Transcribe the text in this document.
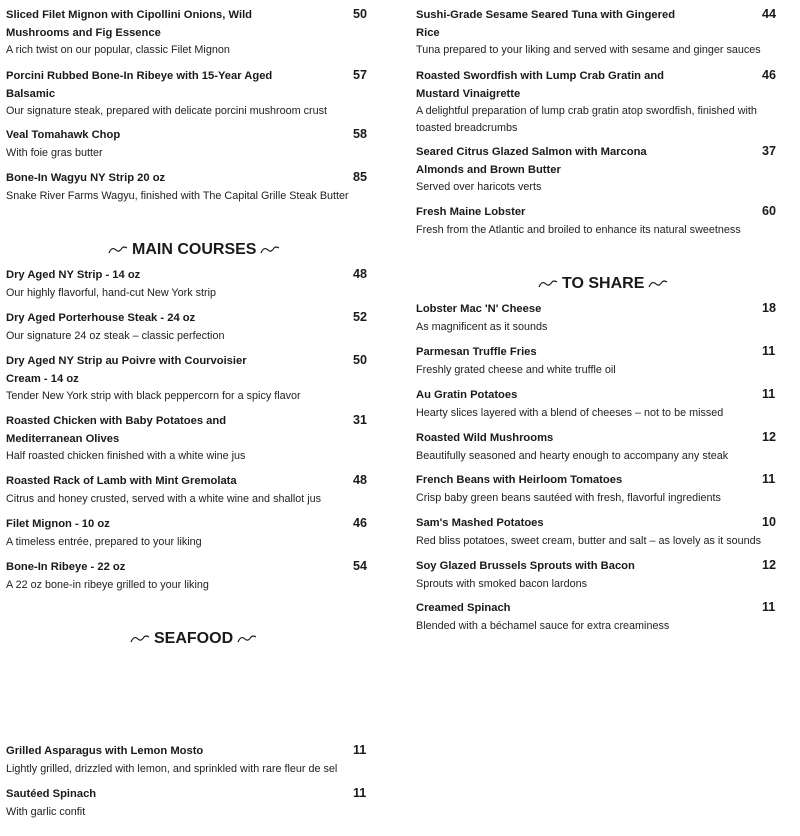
Sliced Filet Mignon with Cipollini Onions, Wild Mushrooms and Fig Essence
A rich twist on our popular, classic Filet Mignon
50
Porcini Rubbed Bone-In Ribeye with 15-Year Aged Balsamic
Our signature steak, prepared with delicate porcini mushroom crust
57
Veal Tomahawk Chop
With foie gras butter
58
Bone-In Wagyu NY Strip 20 oz
Snake River Farms Wagyu, finished with The Capital Grille Steak Butter
85
MAIN COURSES
Dry Aged NY Strip - 14 oz
Our highly flavorful, hand-cut New York strip
48
Dry Aged Porterhouse Steak - 24 oz
Our signature 24 oz steak – classic perfection
52
Dry Aged NY Strip au Poivre with Courvoisier Cream - 14 oz
Tender New York strip with black peppercorn for a spicy flavor
50
Roasted Chicken with Baby Potatoes and Mediterranean Olives
Half roasted chicken finished with a white wine jus
31
Roasted Rack of Lamb with Mint Gremolata
Citrus and honey crusted, served with a white wine and shallot jus
48
Filet Mignon - 10 oz
A timeless entrée, prepared to your liking
46
Bone-In Ribeye - 22 oz
A 22 oz bone-in ribeye grilled to your liking
54
SEAFOOD
Grilled Asparagus with Lemon Mosto
Lightly grilled, drizzled with lemon, and sprinkled with rare fleur de sel
11
Sautéed Spinach
With garlic confit
11
Sushi-Grade Sesame Seared Tuna with Gingered Rice
Tuna prepared to your liking and served with sesame and ginger sauces
44
Roasted Swordfish with Lump Crab Gratin and Mustard Vinaigrette
A delightful preparation of lump crab gratin atop swordfish, finished with toasted breadcrumbs
46
Seared Citrus Glazed Salmon with Marcona Almonds and Brown Butter
Served over haricots verts
37
Fresh Maine Lobster
Fresh from the Atlantic and broiled to enhance its natural sweetness
60
TO SHARE
Lobster Mac 'N' Cheese
As magnificent as it sounds
18
Parmesan Truffle Fries
Freshly grated cheese and white truffle oil
11
Au Gratin Potatoes
Hearty slices layered with a blend of cheeses – not to be missed
11
Roasted Wild Mushrooms
Beautifully seasoned and hearty enough to accompany any steak
12
French Beans with Heirloom Tomatoes
Crisp baby green beans sautéed with fresh, flavorful ingredients
11
Sam's Mashed Potatoes
Red bliss potatoes, sweet cream, butter and salt – as lovely as it sounds
10
Soy Glazed Brussels Sprouts with Bacon
Sprouts with smoked bacon lardons
12
Creamed Spinach
Blended with a béchamel sauce for extra creaminess
11
